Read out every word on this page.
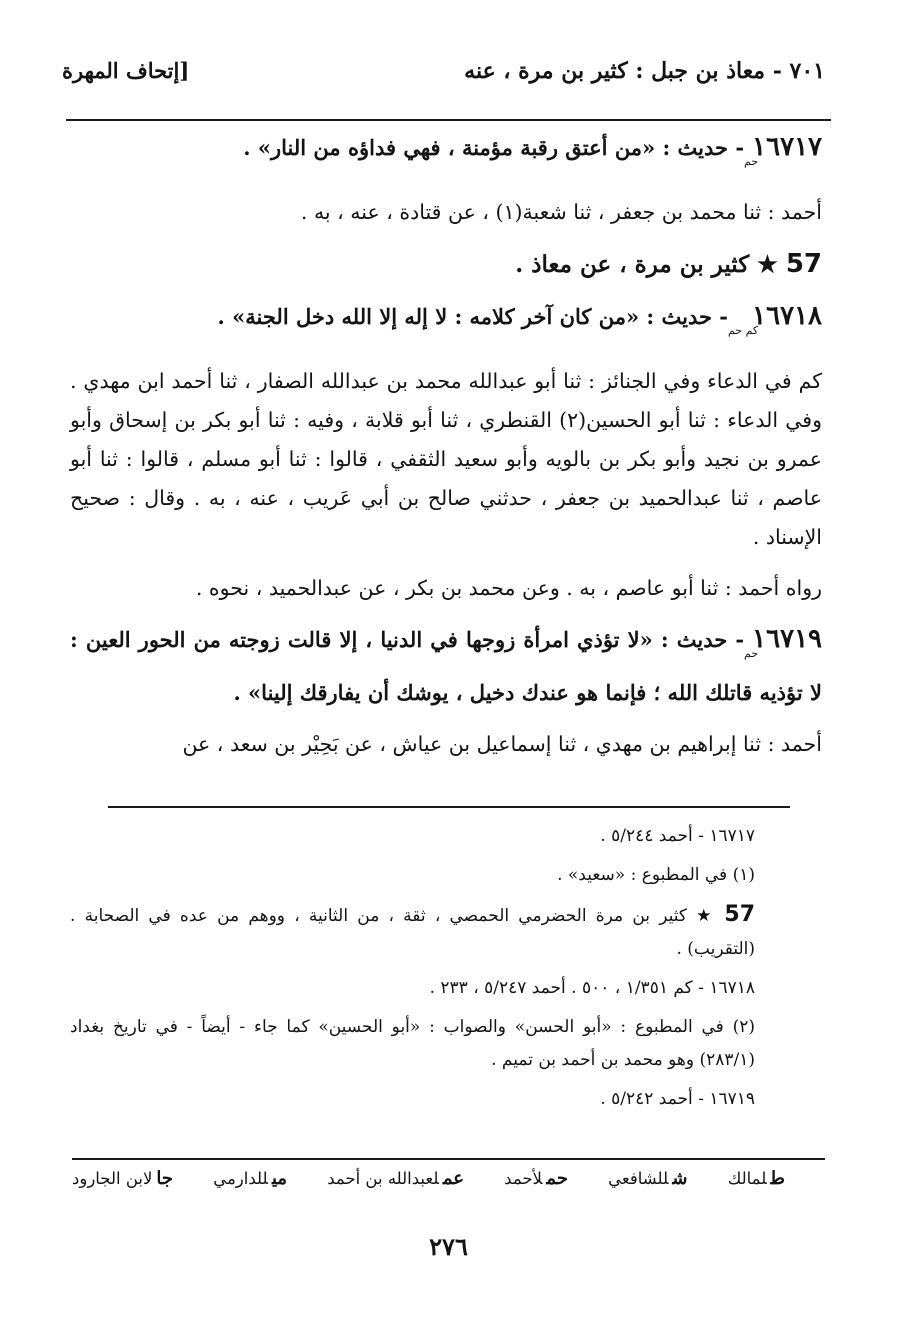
٧٠١ - معاذ بن جبل : كثير بن مرة ، عنه
[إتحاف المهرة

$١٦٧١٧_{حم}-$ حديث : «من أعتق رقبة مؤمنة ، فهي فداؤه من النار» .

أحمد : ثنا محمد بن جعفر ، ثنا شعبة(١) ، عن قتادة ، عنه ، به .

57 ★ كثير بن مرة ، عن معاذ .

$١٦٧١٨_{كم حم}-$ حديث : «من كان آخر كلامه : لا إله إلا الله دخل الجنة» .

كم في الدعاء وفي الجنائز : ثنا أبو عبدالله محمد بن عبدالله الصفار ، ثنا أحمد ابن مهدي . وفي الدعاء : ثنا أبو الحسين(٢) القنطري ، ثنا أبو قلابة ، وفيه : ثنا أبو بكر بن إسحاق وأبو عمرو بن نجيد وأبو بكر بن بالويه وأبو سعيد الثقفي ، قالوا : ثنا أبو مسلم ، قالوا : ثنا أبو عاصم ، ثنا عبدالحميد بن جعفر ، حدثني صالح بن أبي عَريب ، عنه ، به . وقال : صحيح الإسناد .

رواه أحمد : ثنا أبو عاصم ، به . وعن محمد بن بكر ، عن عبدالحميد ، نحوه .

$١٦٧١٩_{حم}-$ حديث : «لا تؤذي امرأة زوجها في الدنيا ، إلا قالت زوجته من الحور العين : لا تؤذيه قاتلك الله ؛ فإنما هو عندك دخيل ، يوشك أن يفارقك إلينا» .

أحمد : ثنا إبراهيم بن مهدي ، ثنا إسماعيل بن عياش ، عن بَحِيْر بن سعد ، عن

١٦٧١٧ - أحمد ٥/٢٤٤ .

(١) في المطبوع : «سعيد» .

57 ★ كثير بن مرة الحضرمي الحمصي ، ثقة ، من الثانية ، ووهم من عده في الصحابة . (التقريب) .

١٦٧١٨ - كم ١/٣٥١ ، ٥٠٠ . أحمد ٥/٢٤٧ ، ٢٣٣ .

(٢) في المطبوع : «أبو الحسن» والصواب : «أبو الحسين» كما جاء - أيضاً - في تاريخ بغداد (٢٨٣/١) وهو محمد بن أحمد بن تميم .

١٦٧١٩ - أحمد ٥/٢٤٢ .

طلمالك
شللشافعي
حملأحمد
عملعبدالله بن أحمد
ميللدارمي
جالابن الجارود
٢٧٦
